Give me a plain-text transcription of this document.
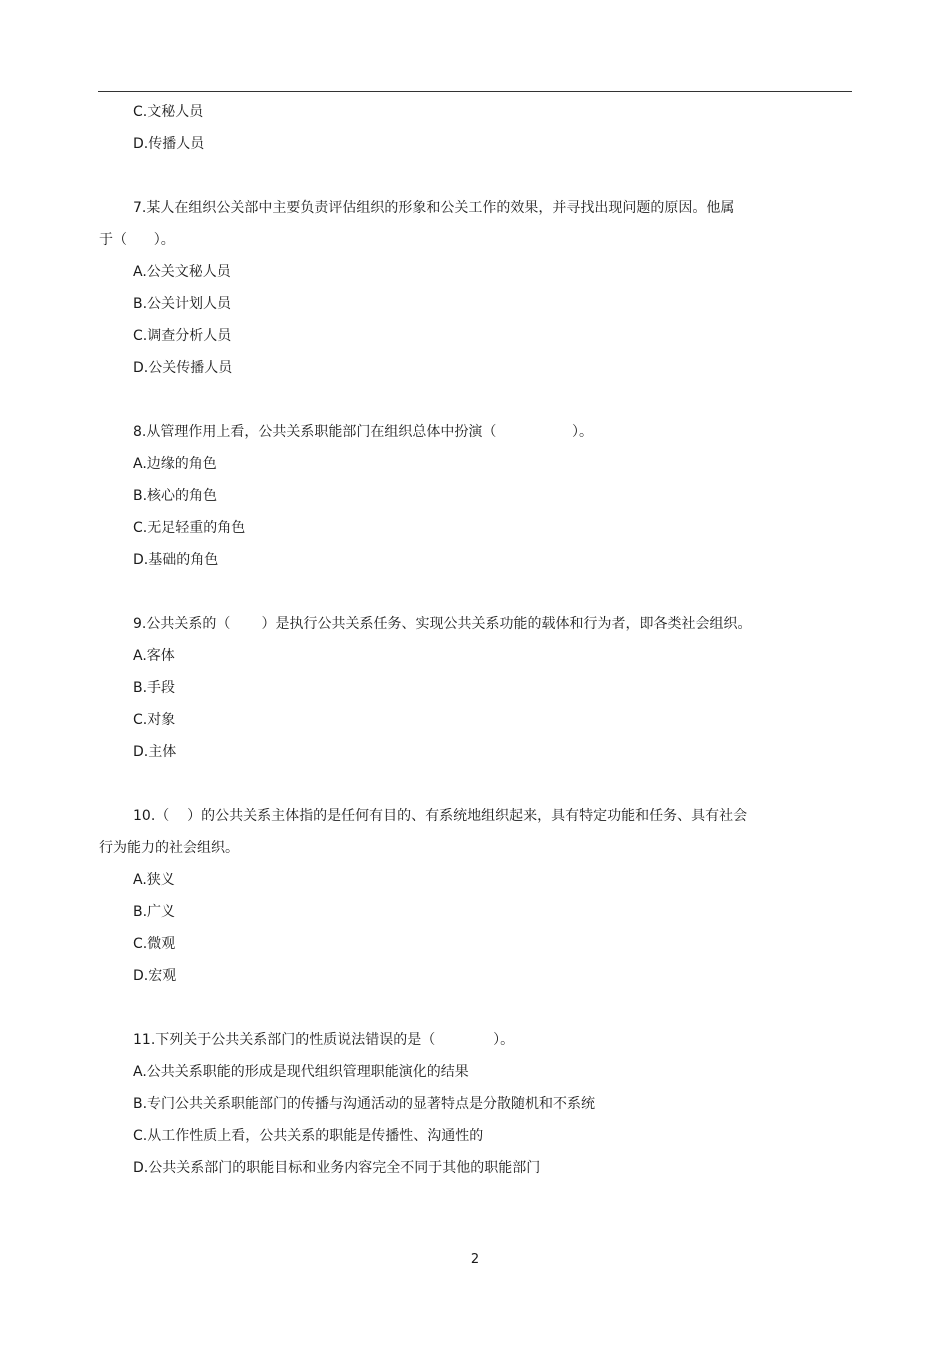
C.文秘人员
D.传播人员
7.某人在组织公关部中主要负责评估组织的形象和公关工作的效果，并寻找出现问题的原因。他属
于（      ）。
A.公关文秘人员
B.公关计划人员
C.调查分析人员
D.公关传播人员
8.从管理作用上看，公共关系职能部门在组织总体中扮演（                 ）。
A.边缘的角色
B.核心的角色
C.无足轻重的角色
D.基础的角色
9.公共关系的（       ）是执行公共关系任务、实现公共关系功能的载体和行为者，即各类社会组织。
A.客体
B.手段
C.对象
D.主体
10.（    ）的公共关系主体指的是任何有目的、有系统地组织起来，具有特定功能和任务、具有社会
行为能力的社会组织。
A.狭义
B.广义
C.微观
D.宏观
11.下列关于公共关系部门的性质说法错误的是（             ）。
A.公共关系职能的形成是现代组织管理职能演化的结果
B.专门公共关系职能部门的传播与沟通活动的显著特点是分散随机和不系统
C.从工作性质上看，公共关系的职能是传播性、沟通性的
D.公共关系部门的职能目标和业务内容完全不同于其他的职能部门
2
